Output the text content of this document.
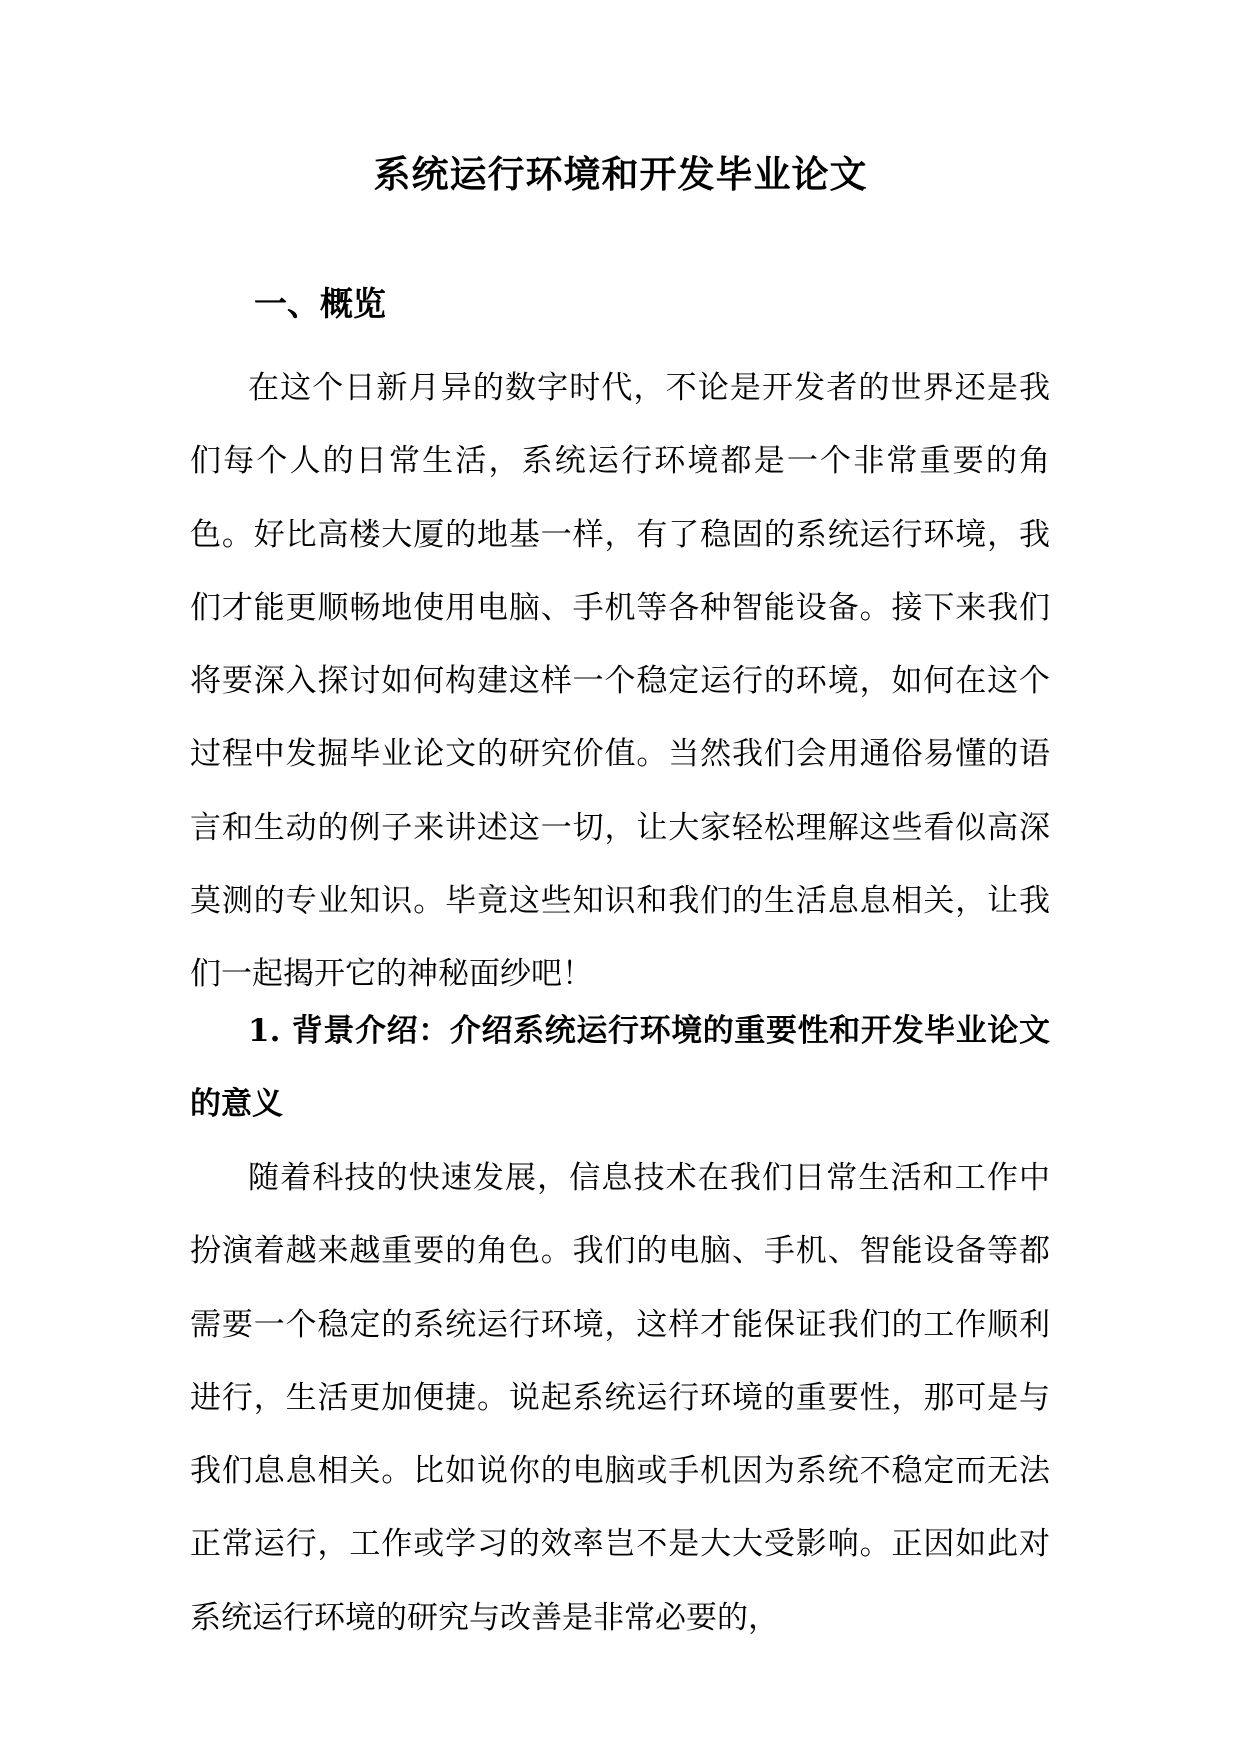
系统运行环境和开发毕业论文
一、概览

在这个日新月异的数字时代，不论是开发者的世界还是我们每个人的日常生活，系统运行环境都是一个非常重要的角色。好比高楼大厦的地基一样，有了稳固的系统运行环境，我们才能更顺畅地使用电脑、手机等各种智能设备。接下来我们将要深入探讨如何构建这样一个稳定运行的环境，如何在这个过程中发掘毕业论文的研究价值。当然我们会用通俗易懂的语言和生动的例子来讲述这一切，让大家轻松理解这些看似高深莫测的专业知识。毕竟这些知识和我们的生活息息相关，让我们一起揭开它的神秘面纱吧！

1. 背景介绍：介绍系统运行环境的重要性和开发毕业论文的意义

随着科技的快速发展，信息技术在我们日常生活和工作中扮演着越来越重要的角色。我们的电脑、手机、智能设备等都需要一个稳定的系统运行环境，这样才能保证我们的工作顺利进行，生活更加便捷。说起系统运行环境的重要性，那可是与我们息息相关。比如说你的电脑或手机因为系统不稳定而无法正常运行，工作或学习的效率岂不是大大受影响。正因如此对系统运行环境的研究与改善是非常必要的，
